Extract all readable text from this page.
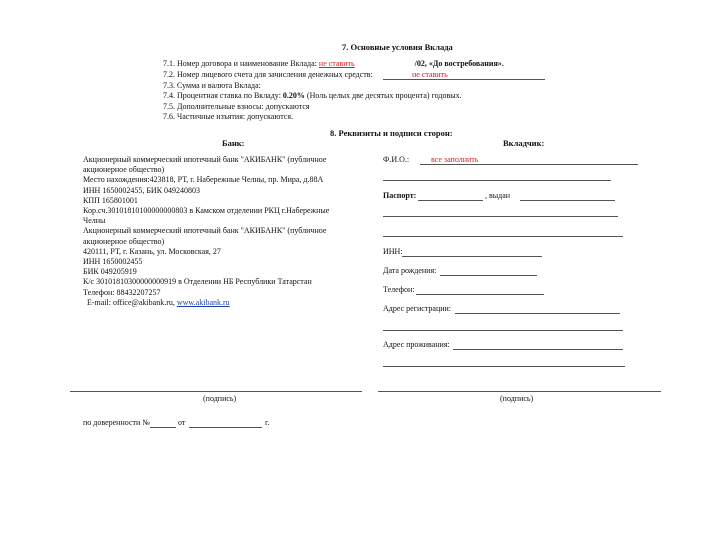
7. Основные условия Вклада
7.1. Номер договора и наименование Вклада: не ставить	/02, «До востребования».
7.2. Номер лицевого счета для зачисления денежных средств:	не ставить
7.3. Сумма и валюта Вклада:
7.4. Процентная ставка по Вкладу: 0.20% (Ноль целых две десятых процента) годовых.
7.5. Дополнительные взносы: допускаются
7.6. Частичные изъятия: допускаются.
8. Реквизиты и подписи сторон:
Банк:	Вкладчик:
Акционерный коммерческий ипотечный банк "АКИБАНК" (публичное
акционерное общество)
Место нахождения:423818, РТ, г. Набережные Челны, пр. Мира, д.88А
ИНН 1650002455, БИК 049240803
КПП 165801001
Кор.сч.30101810100000000803 в Камском отделении РКЦ г.Набережные
Челны
Акционерный коммерческий ипотечный банк "АКИБАНК" (публичное
акционерное общество)
420111, РТ, г. Казань, ул. Московская, 27
ИНН 1650002455
БИК 049205919
К/с 30101810300000000919 в Отделении НБ Республики Татарстан
Телефон: 88432207257
E-mail: office@akibank.ru, www.akibank.ru
Ф.И.О.:	все заполнить
Паспорт:	, выдан
ИНН:
Дата рождения:
Телефон:
Адрес регистрации:
Адрес проживания:
(подпись)	(подпись)
по доверенности №	от	г.
